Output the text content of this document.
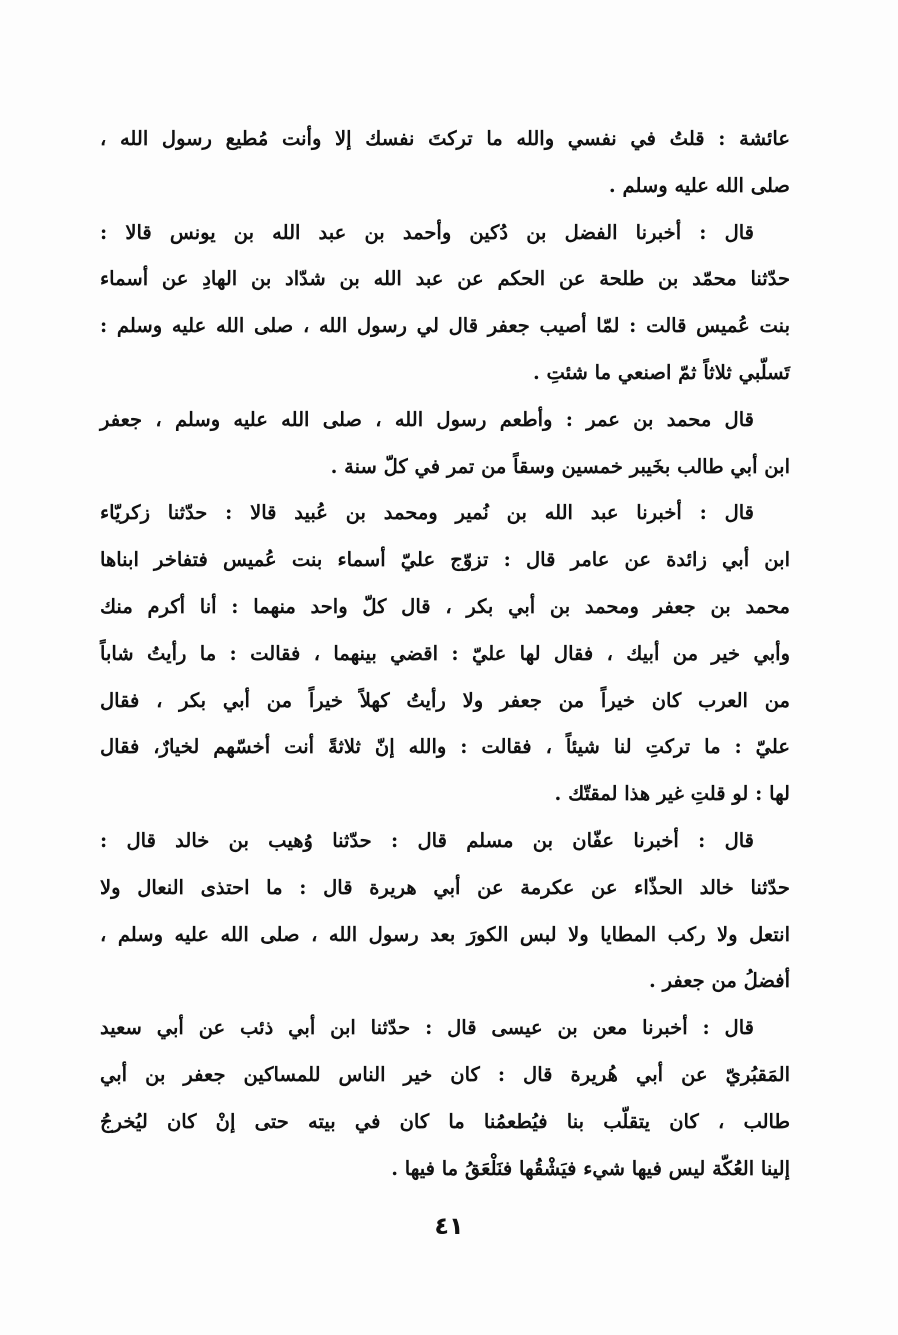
عائشة : قلتُ في نفسي والله ما تركتَ نفسك إلا وأنت مُطيع رسول الله ،
صلى الله عليه وسلم .
قال : أخبرنا الفضل بن دُكين وأحمد بن عبد الله بن يونس قالا :
حدّثنا محمّد بن طلحة عن الحكم عن عبد الله بن شدّاد بن الهادِ عن أسماء
بنت عُميس قالت : لمّا أصيب جعفر قال لي رسول الله ، صلى الله عليه وسلم :
تَسلّبي ثلاثاً ثمّ اصنعي ما شئتِ .
قال محمد بن عمر : وأطعم رسول الله ، صلى الله عليه وسلم ، جعفر
ابن أبي طالب بخَيبر خمسين وسقاً من تمر في كلّ سنة .
قال : أخبرنا عبد الله بن نُمير ومحمد بن عُبيد قالا : حدّثنا زكريّاء
ابن أبي زائدة عن عامر قال : تزوّج عليّ أسماء بنت عُميس فتفاخر ابناها
محمد بن جعفر ومحمد بن أبي بكر ، قال كلّ واحد منهما : أنا أكرم منك
وأبي خير من أبيك ، فقال لها عليّ : اقضي بينهما ، فقالت : ما رأيتُ شاباً
من العرب كان خيراً من جعفر ولا رأيتُ كهلاً خيراً من أبي بكر ، فقال
عليّ : ما تركتِ لنا شيئاً ، فقالت : والله إنّ ثلاثةً أنت أخسّهم لخيارٌ، فقال
لها : لو قلتِ غير هذا لمقتّك .
قال : أخبرنا عفّان بن مسلم قال : حدّثنا وُهيب بن خالد قال :
حدّثنا خالد الحذّاء عن عكرمة عن أبي هريرة قال : ما احتذى النعال ولا
انتعل ولا ركب المطايا ولا لبس الكورَ بعد رسول الله ، صلى الله عليه وسلم ،
أفضلُ من جعفر .
قال : أخبرنا معن بن عيسى قال : حدّثنا ابن أبي ذئب عن أبي سعيد
المَقبُريّ عن أبي هُريرة قال : كان خير الناس للمساكين جعفر بن أبي
طالب ، كان يتقلّب بنا فيُطعمُنا ما كان في بيته حتى إنْ كان ليُخرجُ
إلينا العُكّة ليس فيها شيء فيَشْقُها فنَلْعَقُ ما فيها .
٤١
